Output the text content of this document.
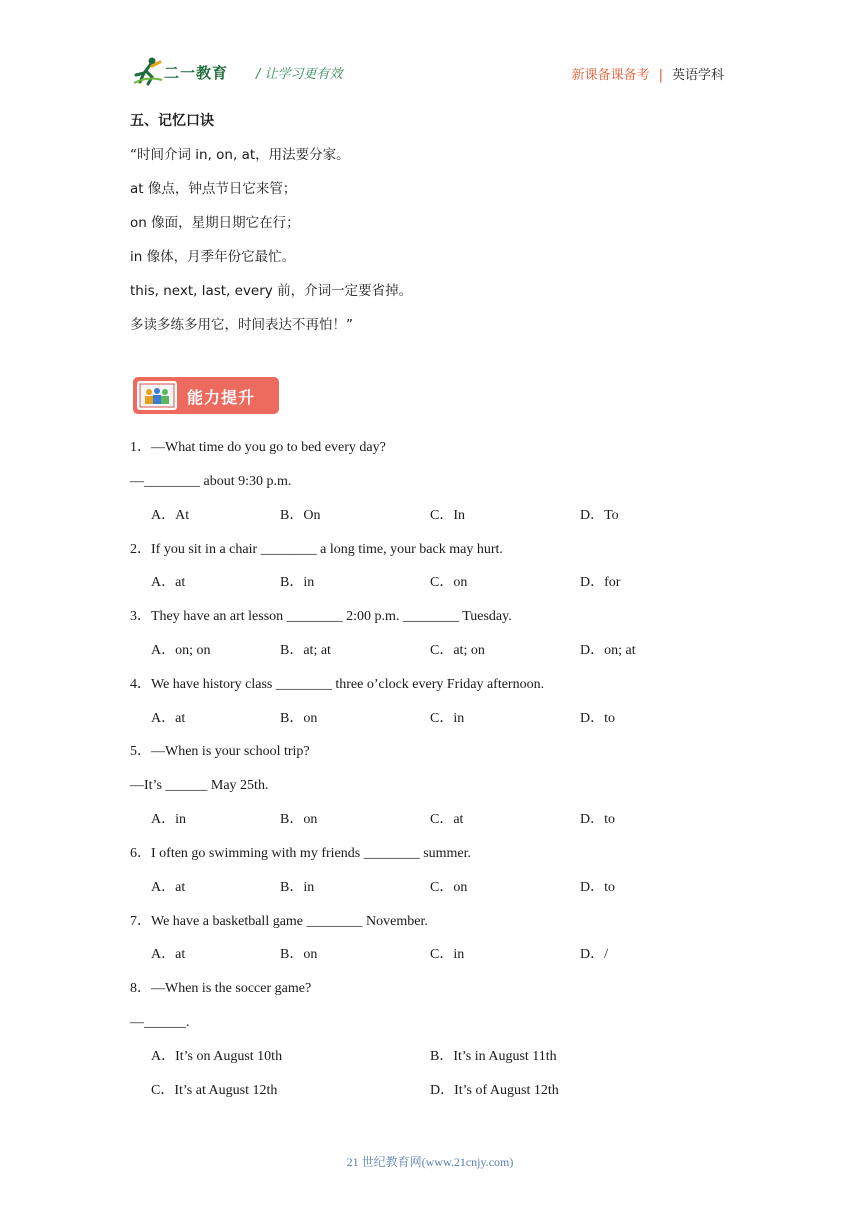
二一教育 / 让学习更有效	新课备课备考 | 英语学科
五、记忆口诀
“时间介词 in, on, at，用法要分家。
at 像点，钟点节日它来管；
on 像面，星期日期它在行；
in 像体，月季年份它最忙。
this, next, last, every 前，介词一定要省掉。
多读多练多用它，时间表达不再怕！”
能力提升
1．—What time do you go to bed every day?
—________ about 9:30 p.m.
A．At	B．On	C．In	D．To
2．If you sit in a chair ________ a long time, your back may hurt.
A．at	B．in	C．on	D．for
3．They have an art lesson ________ 2:00 p.m. ________ Tuesday.
A．on; on	B．at; at	C．at; on	D．on; at
4．We have history class ________ three o’clock every Friday afternoon.
A．at	B．on	C．in	D．to
5．—When is your school trip?
—It’s ______ May 25th.
A．in	B．on	C．at	D．to
6．I often go swimming with my friends ________ summer.
A．at	B．in	C．on	D．to
7．We have a basketball game ________ November.
A．at	B．on	C．in	D．/
8．—When is the soccer game?
—______.
A．It’s on August 10th	B．It’s in August 11th
C．It’s at August 12th	D．It’s of August 12th
21 世纪教育网(www.21cnjy.com)
